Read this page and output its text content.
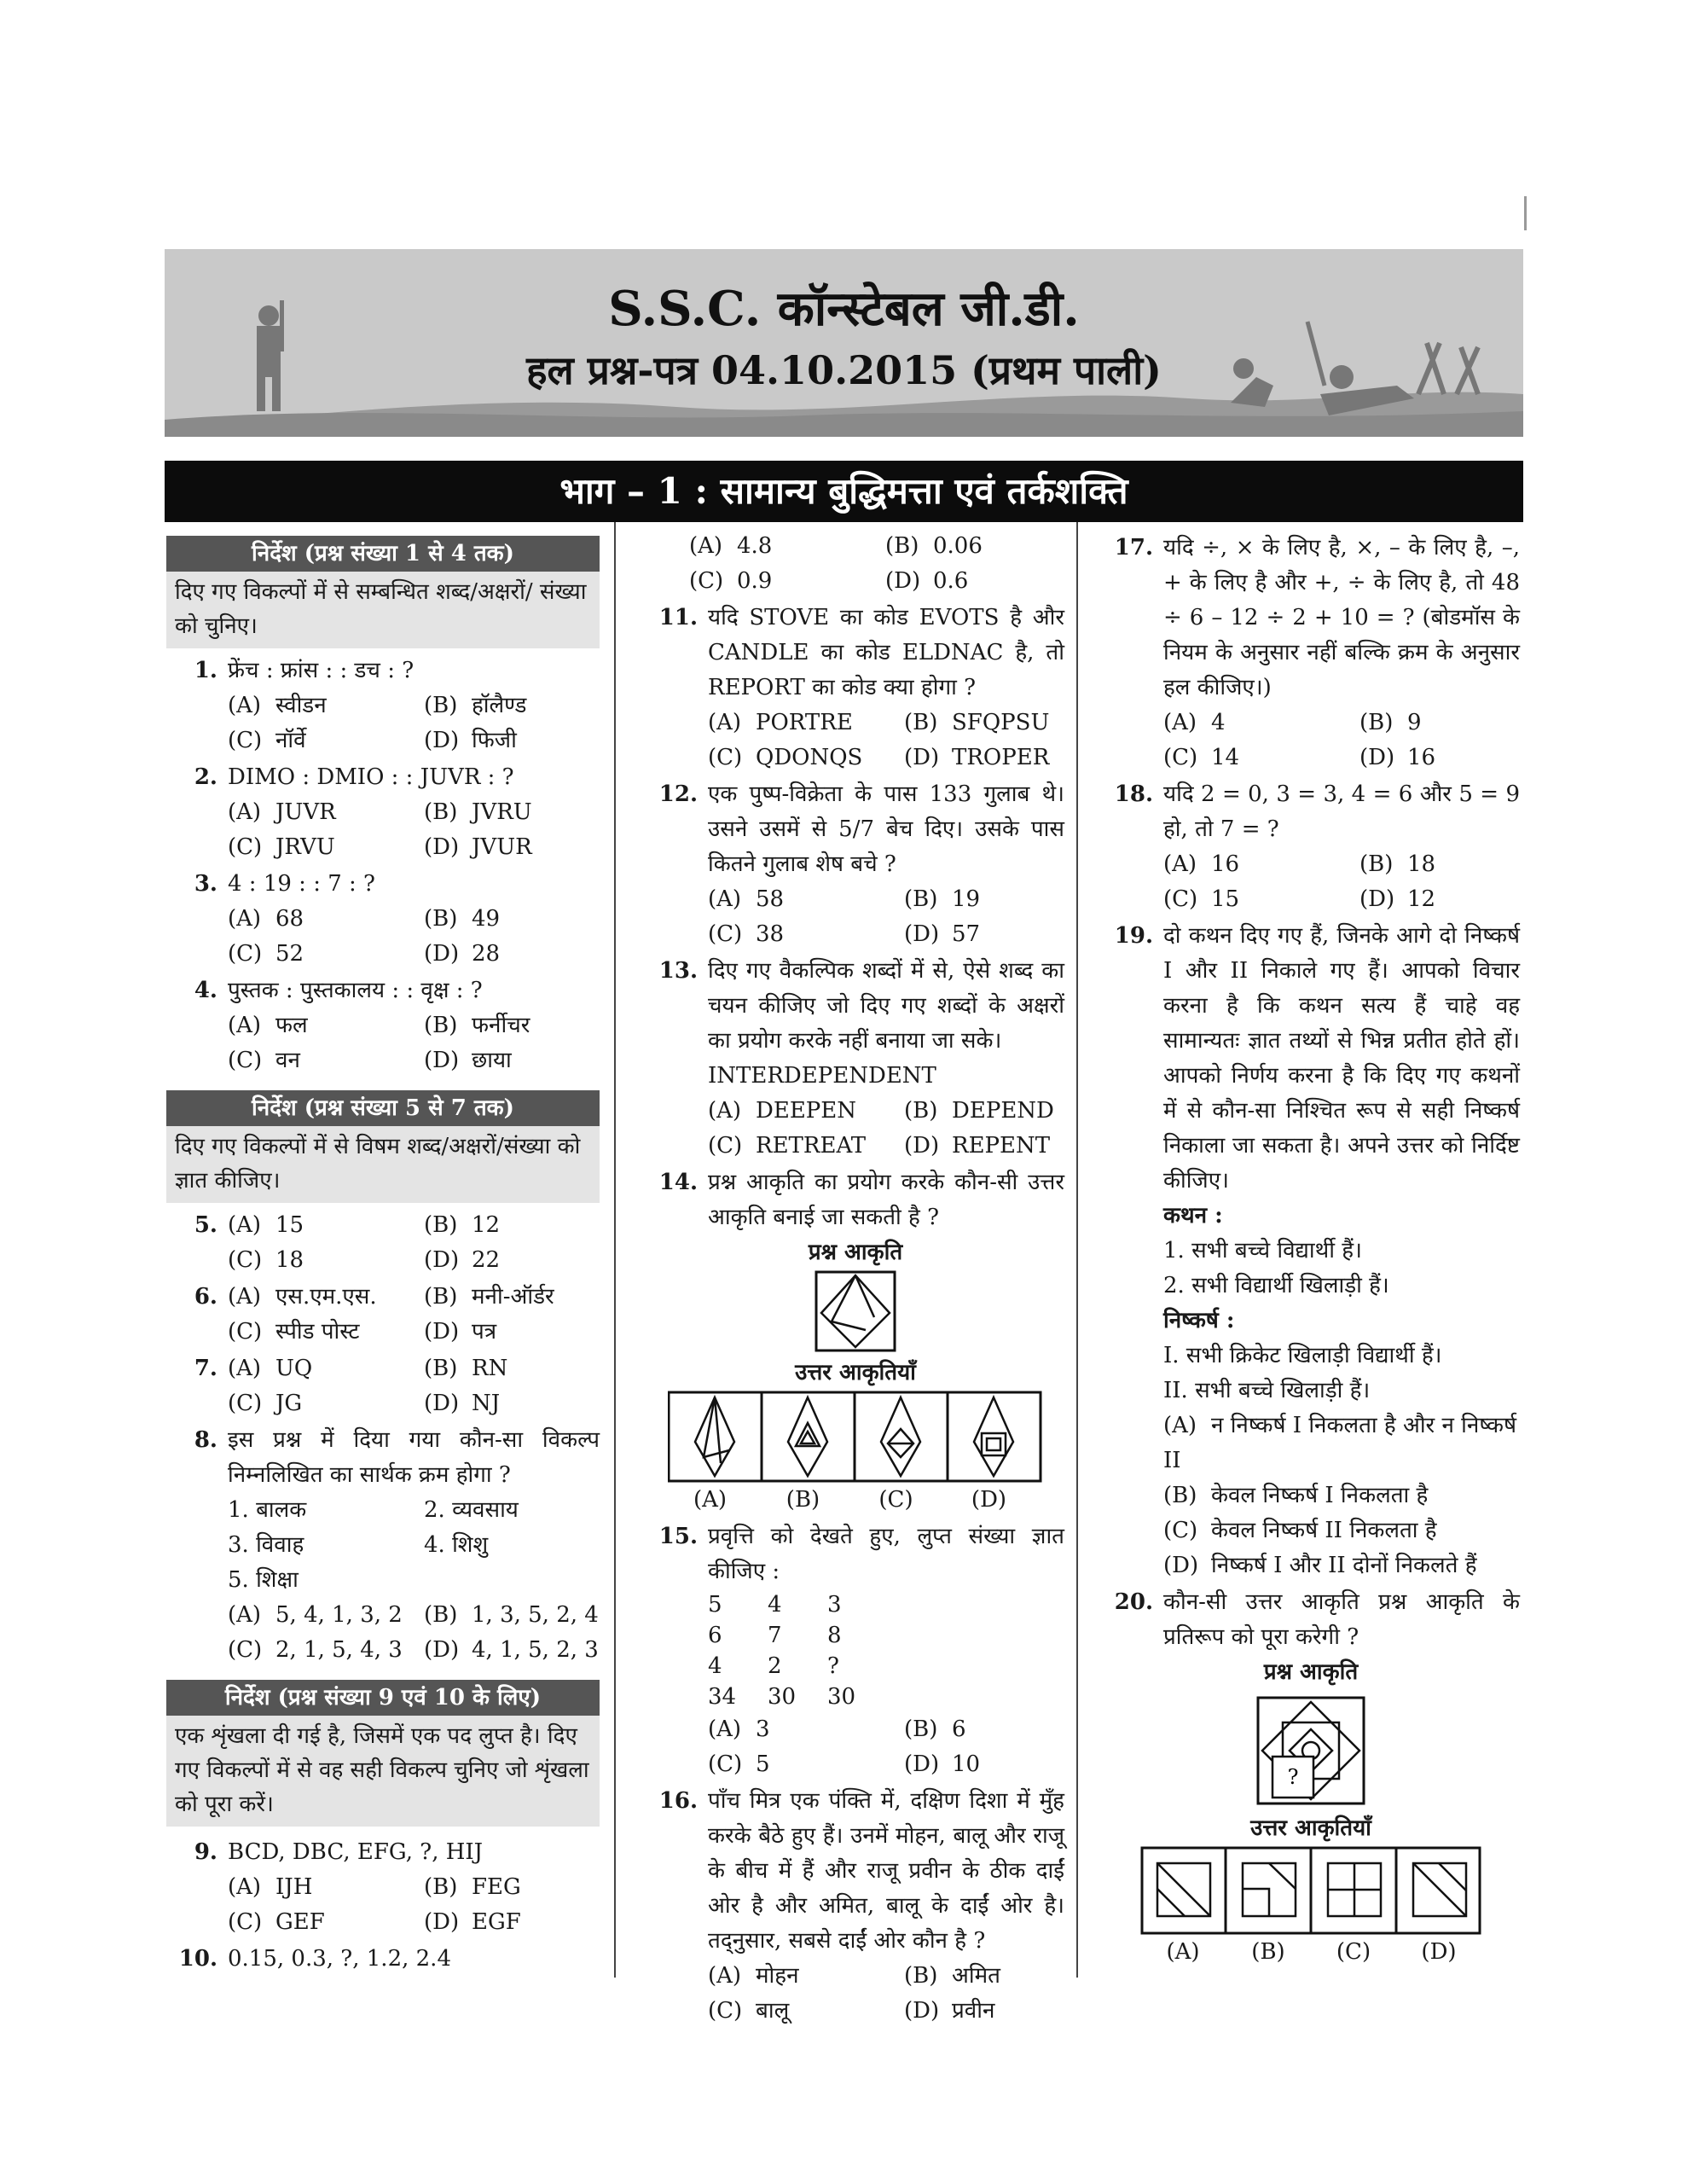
S.S.C. कॉन्स्टेबल जी.डी.
हल प्रश्न-पत्र 04.10.2015 (प्रथम पाली)
भाग – 1 : सामान्य बुद्धिमत्ता एवं तर्कशक्ति
निर्देश (प्रश्न संख्या 1 से 4 तक)
दिए गए विकल्पों में से सम्बन्धित शब्द/अक्षरों/ संख्या को चुनिए।
1. फ्रेंच : फ्रांस : : डच : ?
(A) स्वीडन	(B) हॉलैण्ड
(C) नॉर्वे	(D) फिजी
2. DIMO : DMIO : : JUVR : ?
(A) JUVR	(B) JVRU
(C) JRVU	(D) JVUR
3. 4 : 19 : : 7 : ?
(A) 68	(B) 49
(C) 52	(D) 28
4. पुस्तक : पुस्तकालय : : वृक्ष : ?
(A) फल	(B) फर्नीचर
(C) वन	(D) छाया
निर्देश (प्रश्न संख्या 5 से 7 तक)
दिए गए विकल्पों में से विषम शब्द/अक्षरों/संख्या को ज्ञात कीजिए।
5. (A) 15	(B) 12
(C) 18	(D) 22
6. (A) एस.एम.एस.	(B) मनी-ऑर्डर
(C) स्पीड पोस्ट	(D) पत्र
7. (A) UQ	(B) RN
(C) JG	(D) NJ
8. इस प्रश्न में दिया गया कौन-सा विकल्प निम्नलिखित का सार्थक क्रम होगा ?
1. बालक	2. व्यवसाय
3. विवाह	4. शिशु
5. शिक्षा
(A) 5, 4, 1, 3, 2 (B) 1, 3, 5, 2, 4
(C) 2, 1, 5, 4, 3 (D) 4, 1, 5, 2, 3
निर्देश (प्रश्न संख्या 9 एवं 10 के लिए)
एक शृंखला दी गई है, जिसमें एक पद लुप्त है। दिए गए विकल्पों में से वह सही विकल्प चुनिए जो शृंखला को पूरा करें।
9. BCD, DBC, EFG, ?, HIJ
(A) IJH	(B) FEG
(C) GEF	(D) EGF
10. 0.15, 0.3, ?, 1.2, 2.4
(A) 4.8	(B) 0.06
(C) 0.9	(D) 0.6
11. यदि STOVE का कोड EVOTS है और CANDLE का कोड ELDNAC है, तो REPORT का कोड क्या होगा ?
(A) PORTRE	(B) SFQPSU
(C) QDONQS	(D) TROPER
12. एक पुष्प-विक्रेता के पास 133 गुलाब थे। उसने उसमें से 5/7 बेच दिए। उसके पास कितने गुलाब शेष बचे ?
(A) 58	(B) 19
(C) 38	(D) 57
13. दिए गए वैकल्पिक शब्दों में से, ऐसे शब्द का चयन कीजिए जो दिए गए शब्दों के अक्षरों का प्रयोग करके नहीं बनाया जा सके।
INTERDEPENDENT
(A) DEEPEN	(B) DEPEND
(C) RETREAT	(D) REPENT
14. प्रश्न आकृति का प्रयोग करके कौन-सी उत्तर आकृति बनाई जा सकती है ?
प्रश्न आकृति
उत्तर आकृतियाँ
(A)	(B)	(C)	(D)
15. प्रवृत्ति को देखते हुए, लुप्त संख्या ज्ञात कीजिए :
5	4	3
6	7	8
4	2	?
34	30	30
(A) 3	(B) 6
(C) 5	(D) 10
16. पाँच मित्र एक पंक्ति में, दक्षिण दिशा में मुँह करके बैठे हुए हैं। उनमें मोहन, बालू और राजू के बीच में हैं और राजू प्रवीन के ठीक दाईं ओर है और अमित, बालू के दाईं ओर है। तद्नुसार, सबसे दाईं ओर कौन है ?
(A) मोहन	(B) अमित
(C) बालू	(D) प्रवीन
17. यदि ÷, × के लिए है, ×, – के लिए है, –, + के लिए है और +, ÷ के लिए है, तो 48 ÷ 6 – 12 ÷ 2 + 10 = ? (बोडमॉस के नियम के अनुसार नहीं बल्कि क्रम के अनुसार हल कीजिए।)
(A) 4	(B) 9
(C) 14	(D) 16
18. यदि 2 = 0, 3 = 3, 4 = 6 और 5 = 9 हो, तो 7 = ?
(A) 16	(B) 18
(C) 15	(D) 12
19. दो कथन दिए गए हैं, जिनके आगे दो निष्कर्ष I और II निकाले गए हैं। आपको विचार करना है कि कथन सत्य हैं चाहे वह सामान्यतः ज्ञात तथ्यों से भिन्न प्रतीत होते हों। आपको निर्णय करना है कि दिए गए कथनों में से कौन-सा निश्चित रूप से सही निष्कर्ष निकाला जा सकता है। अपने उत्तर को निर्दिष्ट कीजिए।
कथन :
1. सभी बच्चे विद्यार्थी हैं।
2. सभी विद्यार्थी खिलाड़ी हैं।
निष्कर्ष :
I. सभी क्रिकेट खिलाड़ी विद्यार्थी हैं।
II. सभी बच्चे खिलाड़ी हैं।
(A) न निष्कर्ष I निकलता है और न निष्कर्ष II
(B) केवल निष्कर्ष I निकलता है
(C) केवल निष्कर्ष II निकलता है
(D) निष्कर्ष I और II दोनों निकलते हैं
20. कौन-सी उत्तर आकृति प्रश्न आकृति के प्रतिरूप को पूरा करेगी ?
प्रश्न आकृति
?
उत्तर आकृतियाँ
(A)	(B)	(C)	(D)
